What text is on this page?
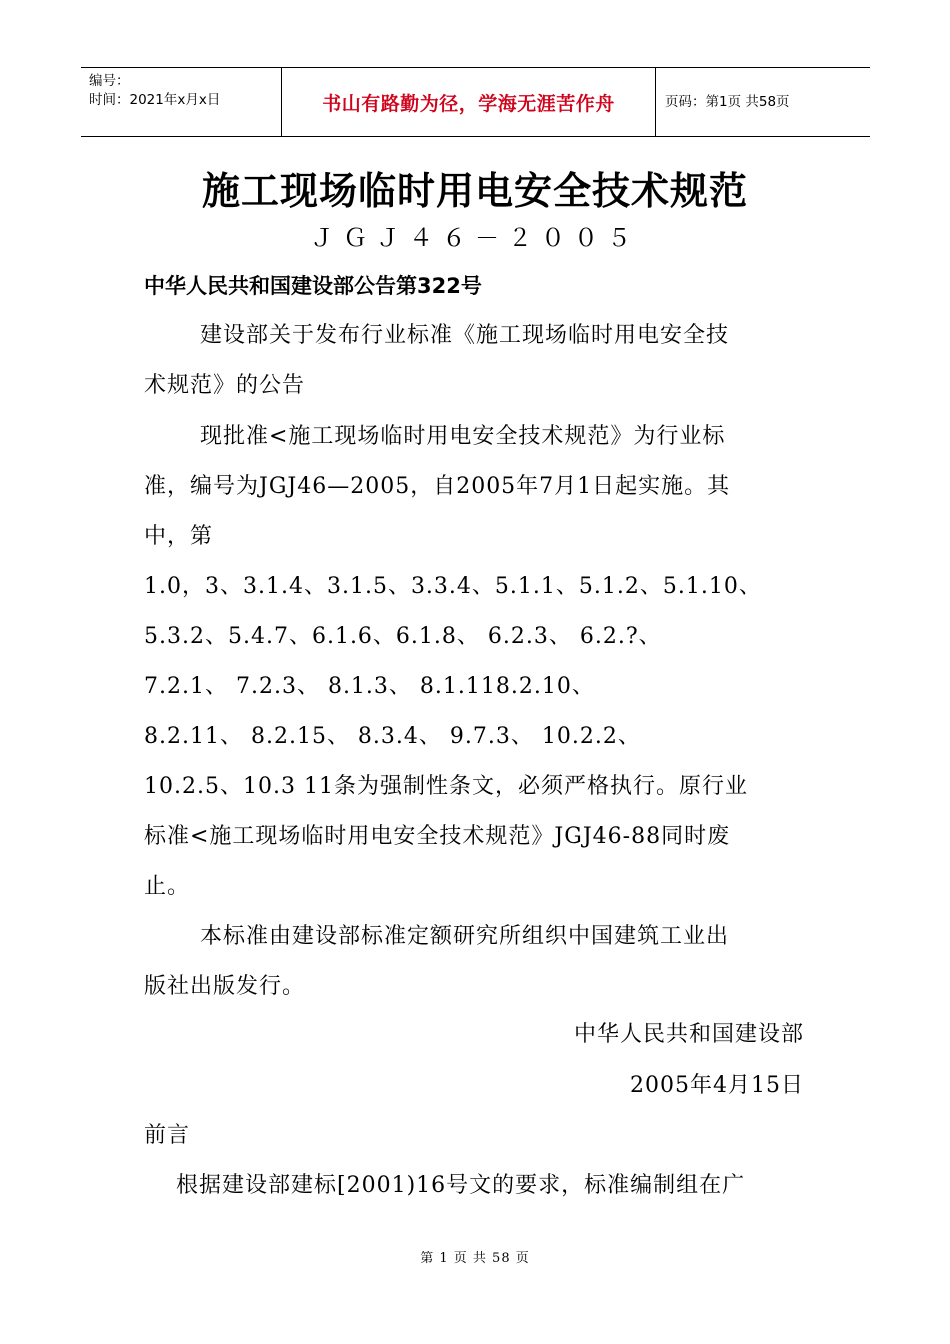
编号：
时间：2021年x月x日	书山有路勤为径，学海无涯苦作舟	页码：第1页 共58页
施工现场临时用电安全技术规范
ＪＧＪ４６－２００５
中华人民共和国建设部公告第322号
建设部关于发布行业标准《施工现场临时用电安全技
术规范》的公告
现批准<施工现场临时用电安全技术规范》为行业标
准，编号为JGJ46—2005，自2005年7月1日起实施。其
中，第
1.0，3、3.1.4、3.1.5、3.3.4、5.1.1、5.1.2、5.1.10、
5.3.2、5.4.7、6.1.6、6.1.8、 6.2.3、 6.2.?、
7.2.1、 7.2.3、 8.1.3、 8.1.118.2.10、
8.2.11、 8.2.15、 8.3.4、 9.7.3、 10.2.2、
10.2.5、10.3 11条为强制性条文，必须严格执行。原行业
标准<施工现场临时用电安全技术规范》JGJ46-88同时废
止。
本标准由建设部标准定额研究所组织中国建筑工业出
版社出版发行。
中华人民共和国建设部
2005年4月15日
前言
根据建设部建标[2001)16号文的要求，标准编制组在广
第 1 页 共 58 页
